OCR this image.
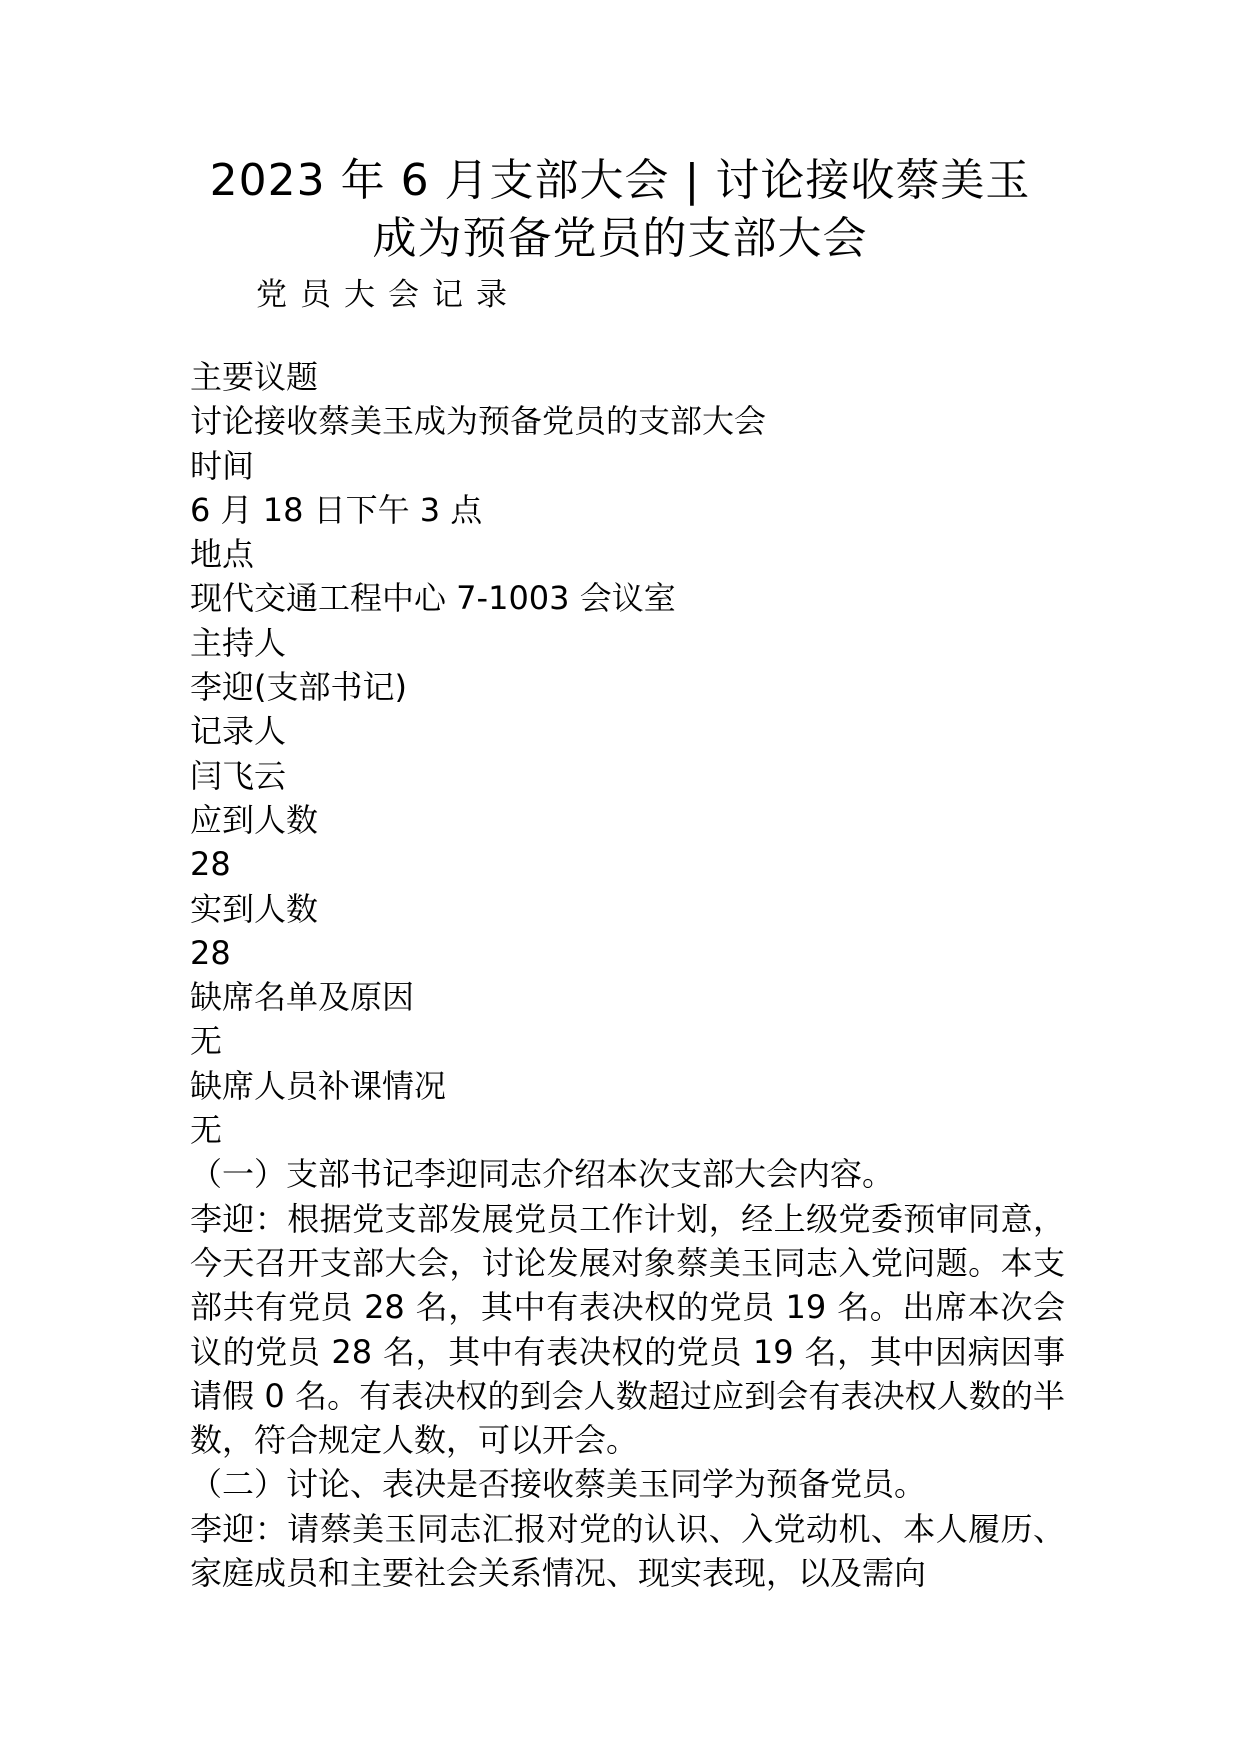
2023 年 6 月支部大会 | 讨论接收蔡美玉
成为预备党员的支部大会
党员大会记录
主要议题
讨论接收蔡美玉成为预备党员的支部大会
时间
6 月 18 日下午 3 点
地点
现代交通工程中心 7-1003 会议室
主持人
李迎(支部书记)
记录人
闫飞云
应到人数
28
实到人数
28
缺席名单及原因
无
缺席人员补课情况
无
（一）支部书记李迎同志介绍本次支部大会内容。
李迎：根据党支部发展党员工作计划，经上级党委预审同意，今天召开支部大会，讨论发展对象蔡美玉同志入党问题。本支部共有党员 28 名，其中有表决权的党员 19 名。出席本次会议的党员 28 名，其中有表决权的党员 19 名，其中因病因事请假 0 名。有表决权的到会人数超过应到会有表决权人数的半数，符合规定人数，可以开会。
（二）讨论、表决是否接收蔡美玉同学为预备党员。
李迎：请蔡美玉同志汇报对党的认识、入党动机、本人履历、家庭成员和主要社会关系情况、现实表现，以及需向
